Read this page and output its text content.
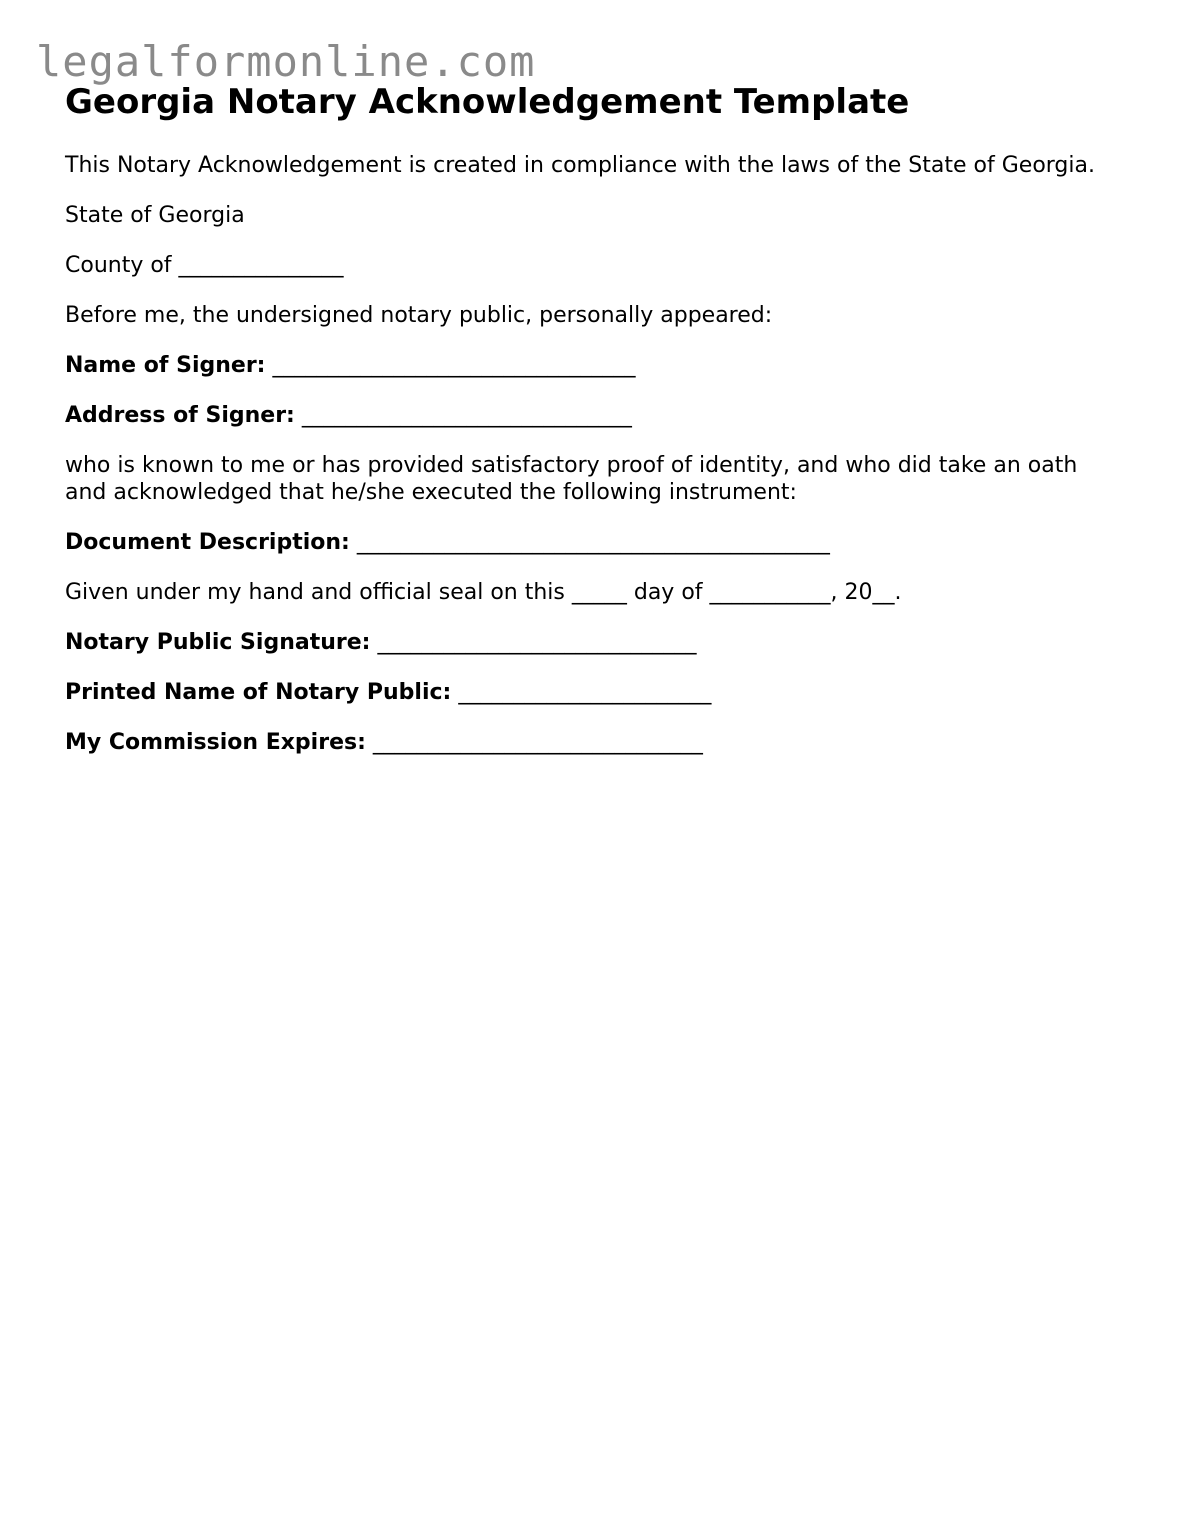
legalformonline.com
Georgia Notary Acknowledgement Template

This Notary Acknowledgement is created in compliance with the laws of the State of Georgia.

State of Georgia

County of _______________

Before me, the undersigned notary public, personally appeared:

Name of Signer: _________________________________

Address of Signer: ______________________________

who is known to me or has provided satisfactory proof of identity, and who did take an oath and acknowledged that he/she executed the following instrument:

Document Description: ___________________________________________

Given under my hand and official seal on this _____ day of ___________, 20__.

Notary Public Signature: _____________________________

Printed Name of Notary Public: _______________________

My Commission Expires: ______________________________
